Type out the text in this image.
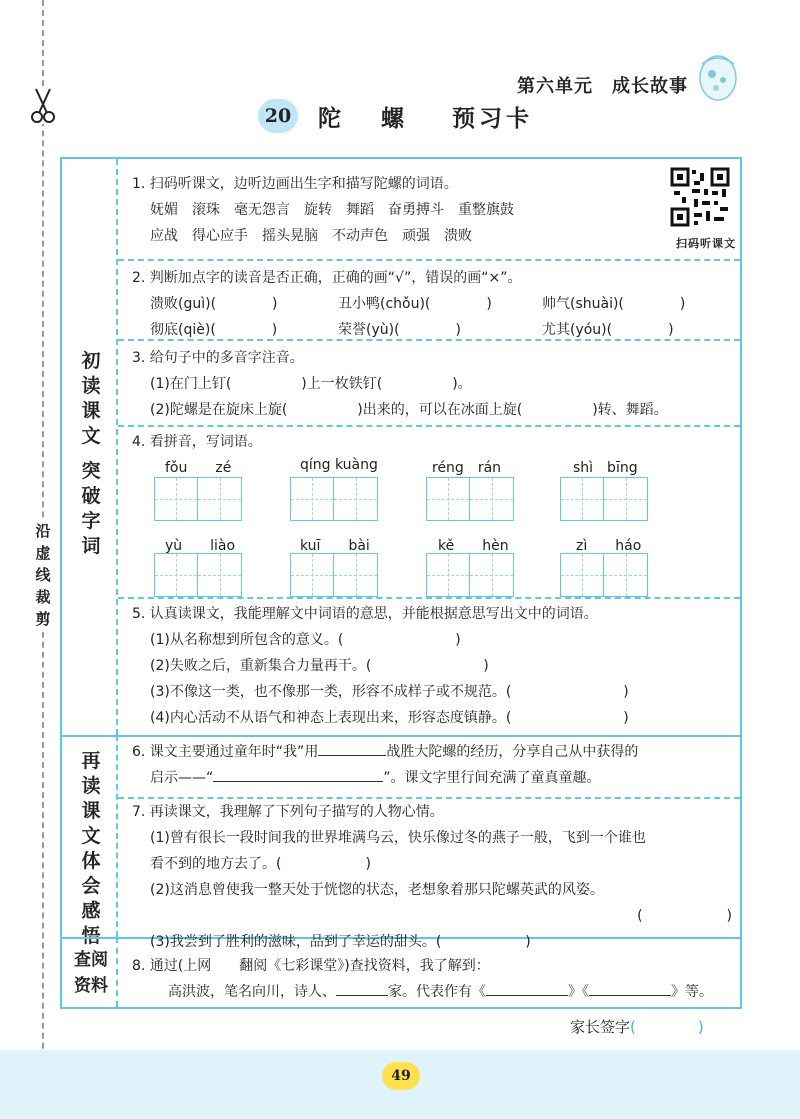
沿虚线裁剪
第六单元　成长故事
20 陀螺 预习卡
初读课文
突破字词
再读课文
体会感悟
查阅资料
1. 扫码听课文，边听边画出生字和描写陀螺的词语。
妩媚　滚珠　毫无怨言　旋转　舞蹈　奋勇搏斗　重整旗鼓
应战　得心应手　摇头晃脑　不动声色　顽强　溃败	扫码听课文
2. 判断加点字的读音是否正确，正确的画“√”，错误的画“×”。
溃败(guì)(　　　　)	丑小鸭(chǒu)(　　　　)	帅气(shuài)(　　　　)
彻底(qiè)(　　　　)	荣誉(yù)(　　　　)	尤其(yóu)(　　　　)
3. 给句子中的多音字注音。
(1)在门上钉(　　　　　)上一枚铁钉(　　　　　)。
(2)陀螺是在旋床上旋(　　　　　)出来的，可以在冰面上旋(　　　　　)转、舞蹈。
4. 看拼音，写词语。
fǒu　　zé	qíng kuàng	réng　rán	shì　bīng
yù　　liào	kuī　　bài	kě　　hèn	zì　　háo
5. 认真读课文，我能理解文中词语的意思，并能根据意思写出文中的词语。
(1)从名称想到所包含的意义。(　　　　　　　　)
(2)失败之后，重新集合力量再干。(　　　　　　　　)
(3)不像这一类，也不像那一类，形容不成样子或不规范。(　　　　　　　　)
(4)内心活动不从语气和神态上表现出来，形容态度镇静。(　　　　　　　　)
6. 课文主要通过童年时“我”用	战胜大陀螺的经历，分享自己从中获得的
启示——“	”。课文字里行间充满了童真童趣。
7. 再读课文，我理解了下列句子描写的人物心情。
(1)曾有很长一段时间我的世界堆满乌云，快乐像过冬的燕子一般，飞到一个谁也
看不到的地方去了。(　　　　　　)
(2)这消息曾使我一整天处于恍惚的状态，老想象着那只陀螺英武的风姿。
(　　　　　　)
(3)我尝到了胜利的滋味，品到了幸运的甜头。(　　　　　　)
8. 通过(上网　　翻阅《七彩课堂》)查找资料，我了解到：
高洪波，笔名向川，诗人、	家。代表作有《	》《	》等。
家长签字(	)
49
